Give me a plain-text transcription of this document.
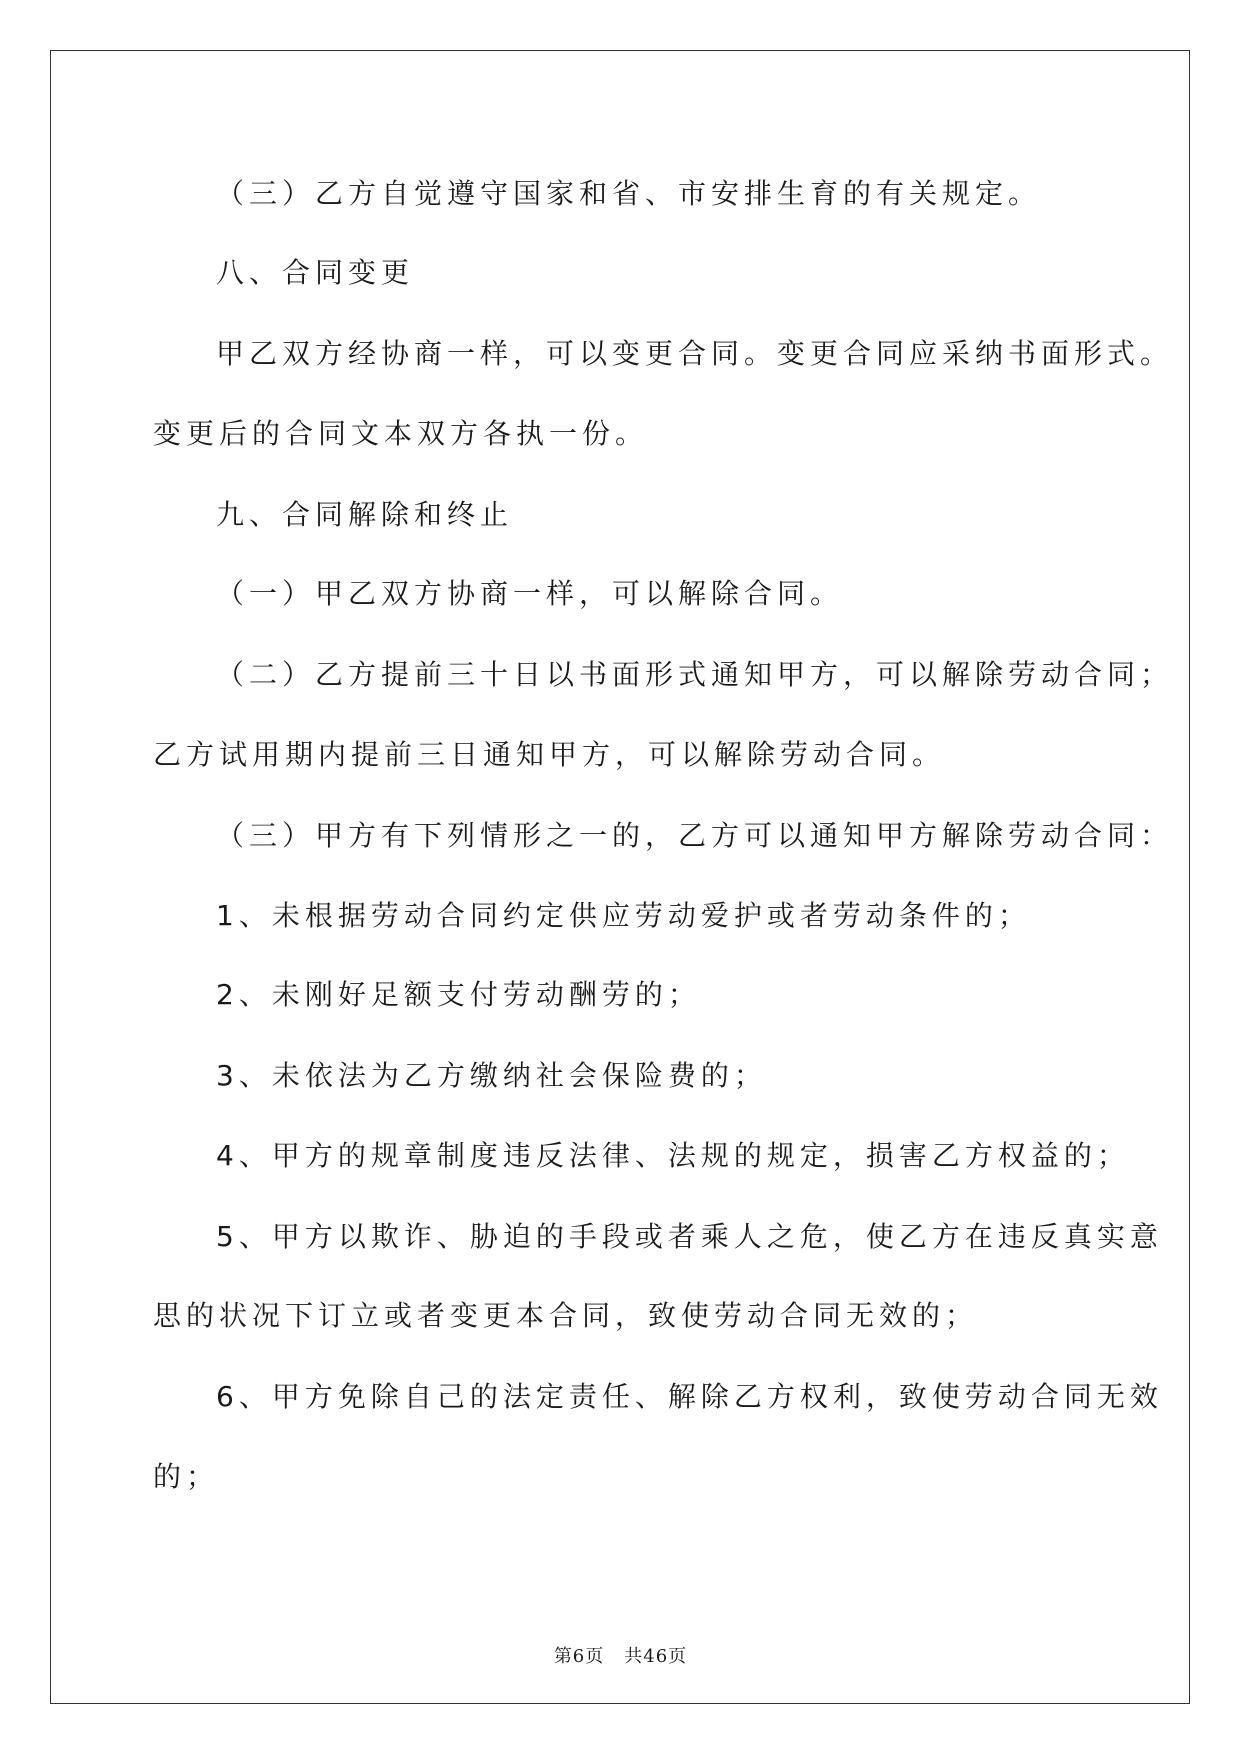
（三）乙方自觉遵守国家和省、市安排生育的有关规定。
八、合同变更
甲乙双方经协商一样，可以变更合同。变更合同应采纳书面形式。
变更后的合同文本双方各执一份。
九、合同解除和终止
（一）甲乙双方协商一样，可以解除合同。
（二）乙方提前三十日以书面形式通知甲方，可以解除劳动合同；
乙方试用期内提前三日通知甲方，可以解除劳动合同。
（三）甲方有下列情形之一的，乙方可以通知甲方解除劳动合同：
1、未根据劳动合同约定供应劳动爱护或者劳动条件的；
2、未刚好足额支付劳动酬劳的；
3、未依法为乙方缴纳社会保险费的；
4、甲方的规章制度违反法律、法规的规定，损害乙方权益的；
5、甲方以欺诈、胁迫的手段或者乘人之危，使乙方在违反真实意
思的状况下订立或者变更本合同，致使劳动合同无效的；
6、甲方免除自己的法定责任、解除乙方权利，致使劳动合同无效
的；
第6页 共46页
